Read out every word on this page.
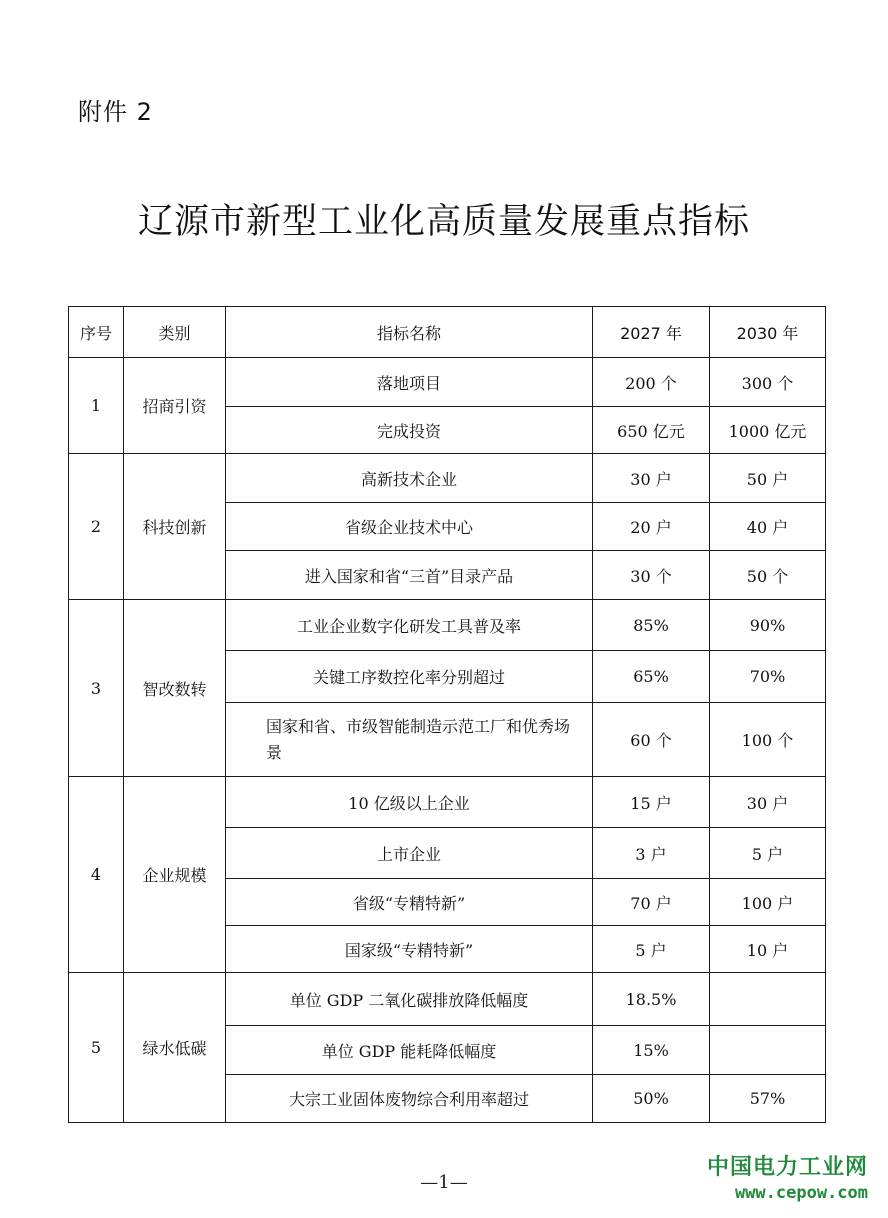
附件 2
辽源市新型工业化高质量发展重点指标
序号	类别	指标名称	2027 年	2030 年
1	招商引资	落地项目	200 个	300 个
		完成投资	650 亿元	1000 亿元
2	科技创新	高新技术企业	30 户	50 户
		省级企业技术中心	20 户	40 户
		进入国家和省“三首”目录产品	30 个	50 个
3	智改数转	工业企业数字化研发工具普及率	85%	90%
		关键工序数控化率分别超过	65%	70%
		国家和省、市级智能制造示范工厂和优秀场景	60 个	100 个
4	企业规模	10 亿级以上企业	15 户	30 户
		上市企业	3 户	5 户
		省级“专精特新”	70 户	100 户
		国家级“专精特新”	5 户	10 户
5	绿水低碳	单位 GDP 二氧化碳排放降低幅度	18.5%	
		单位 GDP 能耗降低幅度	15%	
		大宗工业固体废物综合利用率超过	50%	57%
—1—
中国电力工业网
www.cepow.com
